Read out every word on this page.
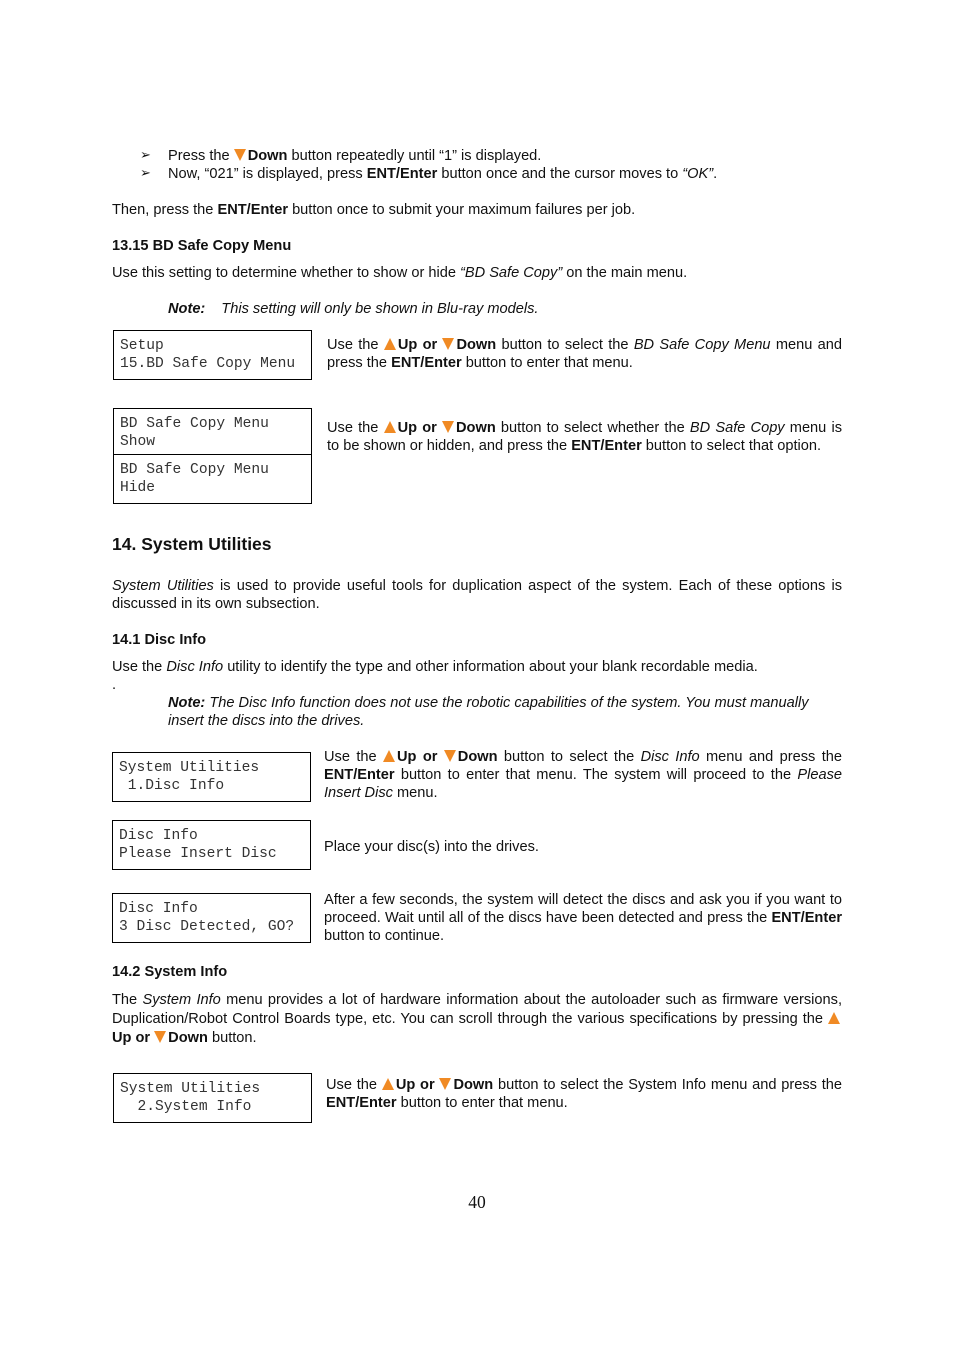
➢ Press the Down button repeatedly until “1” is displayed.
➢ Now, “021” is displayed, press ENT/Enter button once and the cursor moves to “OK”.
Then, press the ENT/Enter button once to submit your maximum failures per job.
13.15 BD Safe Copy Menu
Use this setting to determine whether to show or hide “BD Safe Copy” on the main menu.
Note: This setting will only be shown in Blu-ray models.
Setup
15.BD Safe Copy Menu
Use the Up or Down button to select the BD Safe Copy Menu menu and press the ENT/Enter button to enter that menu.
BD Safe Copy Menu
Show
BD Safe Copy Menu
Hide
Use the Up or Down button to select whether the BD Safe Copy menu is to be shown or hidden, and press the ENT/Enter button to select that option.
14. System Utilities
System Utilities is used to provide useful tools for duplication aspect of the system. Each of these options is discussed in its own subsection.
14.1 Disc Info
Use the Disc Info utility to identify the type and other information about your blank recordable media.
.
Note: The Disc Info function does not use the robotic capabilities of the system. You must manually insert the discs into the drives.
System Utilities
1.Disc Info
Use the Up or Down button to select the Disc Info menu and press the ENT/Enter button to enter that menu. The system will proceed to the Please Insert Disc menu.
Disc Info
Please Insert Disc	Place your disc(s) into the drives.
Disc Info
3 Disc Detected, GO?
After a few seconds, the system will detect the discs and ask you if you want to proceed. Wait until all of the discs have been detected and press the ENT/Enter button to continue.
14.2 System Info
The System Info menu provides a lot of hardware information about the autoloader such as firmware versions, Duplication/Robot Control Boards type, etc. You can scroll through the various specifications by pressing the Up or Down button.
System Utilities
2.System Info
Use the Up or Down button to select the System Info menu and press the ENT/Enter button to enter that menu.
40
